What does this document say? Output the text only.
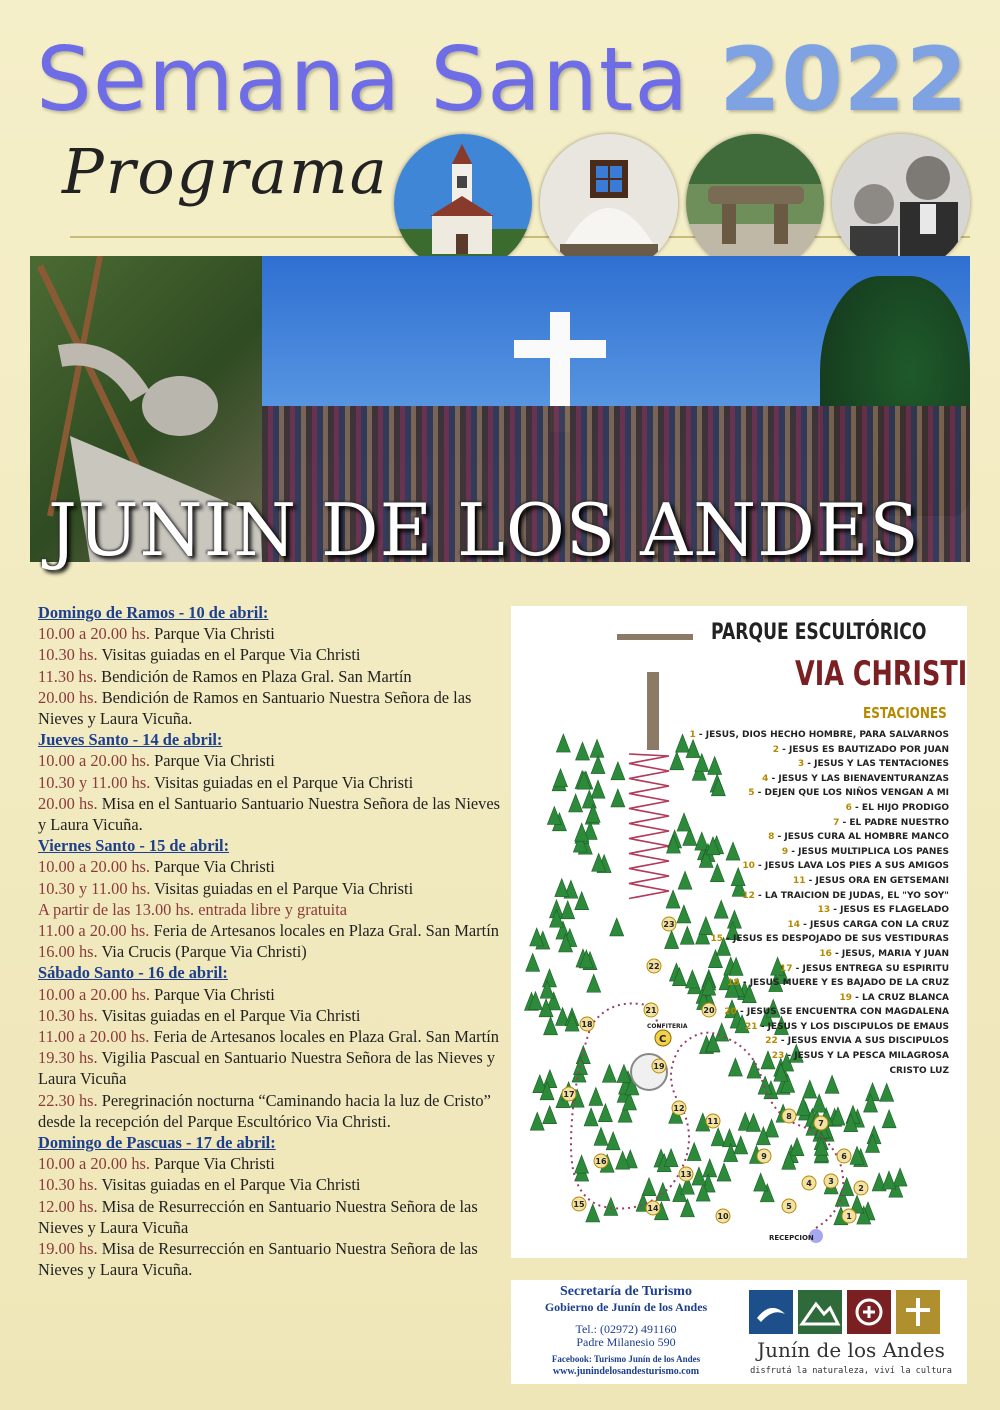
Semana Santa 2022
Programa
JUNIN DE LOS ANDES
Domingo de Ramos - 10 de abril:
10.00 a 20.00 hs. Parque Via Christi
10.30 hs. Visitas guiadas en el Parque Via Christi
11.30 hs. Bendición de Ramos en Plaza Gral. San Martín
20.00 hs. Bendición de Ramos en Santuario Nuestra Señora de las Nieves y Laura Vicuña.
Jueves Santo - 14 de abril:
10.00 a 20.00 hs. Parque Via Christi
10.30 y 11.00 hs. Visitas guiadas en el Parque Via Christi
20.00 hs. Misa en el Santuario Santuario Nuestra Señora de las Nieves y Laura Vicuña.
Viernes Santo - 15 de abril:
10.00 a 20.00 hs. Parque Via Christi
10.30 y 11.00 hs. Visitas guiadas en el Parque Via Christi
A partir de las 13.00 hs. entrada libre y gratuita
11.00 a 20.00 hs. Feria de Artesanos locales en Plaza Gral. San Martín
16.00 hs. Via Crucis (Parque Via Christi)
Sábado Santo - 16 de abril:
10.00 a 20.00 hs. Parque Via Christi
10.30 hs. Visitas guiadas en el Parque Via Christi
11.00 a 20.00 hs. Feria de Artesanos locales en Plaza Gral. San Martín
19.30 hs. Vigilia Pascual en Santuario Nuestra Señora de las Nieves y Laura Vicuña
22.30 hs. Peregrinación nocturna “Caminando hacia la luz de Cristo” desde la recepción del Parque Escultórico Via Christi.
Domingo de Pascuas - 17 de abril:
10.00 a 20.00 hs. Parque Via Christi
10.30 hs. Visitas guiadas en el Parque Via Christi
12.00 hs. Misa de Resurrección en Santuario Nuestra Señora de las Nieves y Laura Vicuña
19.00 hs. Misa de Resurrección en Santuario Nuestra Señora de las Nieves y Laura Vicuña.
C
CONFITERIA
RECEPCION
1
2
3
4
5
6
7
8
9
10
11
12
13
14
15
16
17
18
19
20
21
22
23
PARQUE ESCULTÓRICO
VIA CHRISTI
ESTACIONES
1 - JESUS, DIOS HECHO HOMBRE, PARA SALVARNOS
2 - JESUS ES BAUTIZADO POR JUAN
3 - JESUS Y LAS TENTACIONES
4 - JESUS Y LAS BIENAVENTURANZAS
5 - DEJEN QUE LOS NIÑOS VENGAN A MI
6 - EL HIJO PRODIGO
7 - EL PADRE NUESTRO
8 - JESUS CURA AL HOMBRE MANCO
9 - JESUS MULTIPLICA LOS PANES
10 - JESUS LAVA LOS PIES A SUS AMIGOS
11 - JESUS ORA EN GETSEMANI
12 - LA TRAICION DE JUDAS, EL "YO SOY"
13 - JESUS ES FLAGELADO
14 - JESUS CARGA CON LA CRUZ
15 - JESUS ES DESPOJADO DE SUS VESTIDURAS
16 - JESUS, MARIA Y JUAN
17 - JESUS ENTREGA SU ESPIRITU
18 - JESUS MUERE Y ES BAJADO DE LA CRUZ
19 - LA CRUZ BLANCA
20 - JESUS SE ENCUENTRA CON MAGDALENA
21 - JESUS Y LOS DISCIPULOS DE EMAUS
22 - JESUS ENVIA A SUS DISCIPULOS
23 - JESUS Y LA PESCA MILAGROSA
CRISTO LUZ
Secretaría de Turismo
Gobierno de Junín de los Andes
Tel.: (02972) 491160
Padre Milanesio 590
Facebook: Turismo Junín de los Andes
www.junindelosandesturismo.com
Junín de los Andes
disfrutá la naturaleza, viví la cultura
